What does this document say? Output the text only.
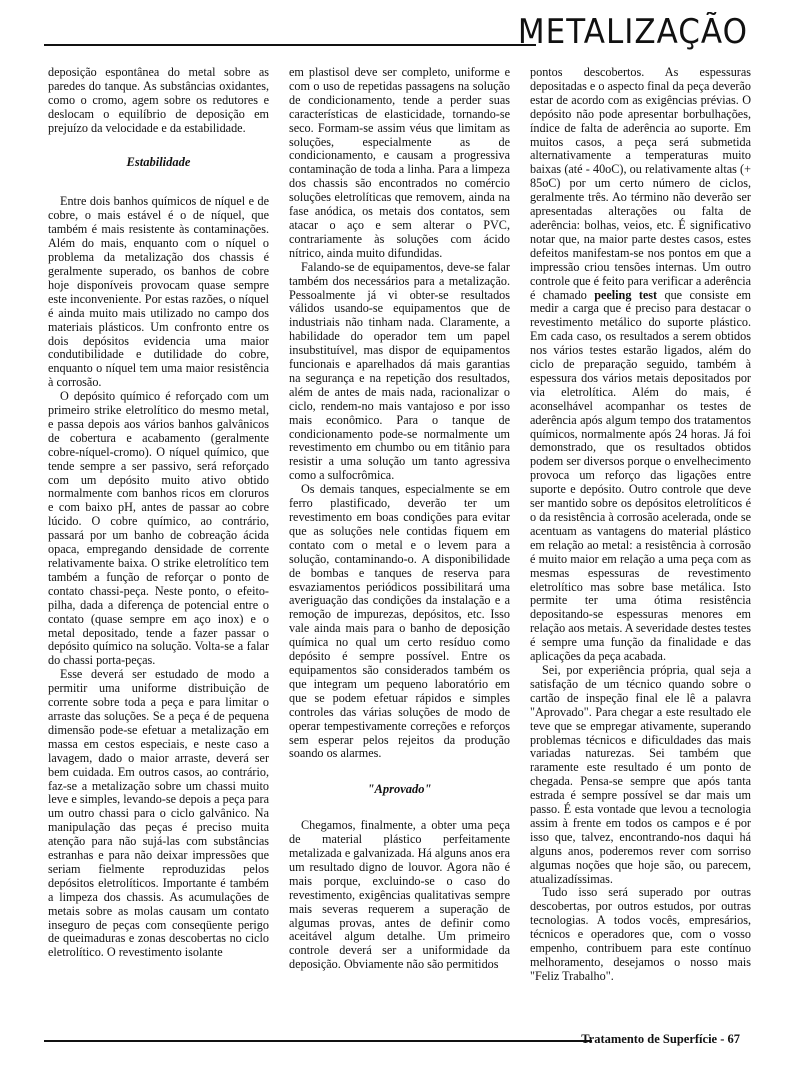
METALIZAÇÃO

deposição espontânea do metal sobre as paredes do tanque. As substâncias oxidantes, como o cromo, agem sobre os redutores e deslocam o equilíbrio de deposição em prejuízo da velocidade e da estabilidade.

Estabilidade

Entre dois banhos químicos de níquel e de cobre, o mais estável é o de níquel, que também é mais resistente às contaminações. Além do mais, enquanto com o níquel o problema da metalização dos chassis é geralmente superado, os banhos de cobre hoje disponíveis provocam quase sempre este inconveniente. Por estas razões, o níquel é ainda muito mais utilizado no campo dos materiais plásticos. Um confronto entre os dois depósitos evidencia uma maior condutibilidade e dutilidade do cobre, enquanto o níquel tem uma maior resistência à corrosão.

O depósito químico é reforçado com um primeiro strike eletrolítico do mesmo metal, e passa depois aos vários banhos galvânicos de cobertura e acabamento (geralmente cobre-níquel-cromo). O níquel químico, que tende sempre a ser passivo, será reforçado com um depósito muito ativo obtido normalmente com banhos ricos em cloruros e com baixo pH, antes de passar ao cobre lúcido. O cobre químico, ao contrário, passará por um banho de cobreação ácida opaca, empregando densidade de corrente relativamente baixa. O strike eletrolítico tem também a função de reforçar o ponto de contato chassi-peça. Neste ponto, o efeito-pilha, dada a diferença de potencial entre o contato (quase sempre em aço inox) e o metal depositado, tende a fazer passar o depósito químico na solução. Volta-se a falar do chassi porta-peças.

Esse deverá ser estudado de modo a permitir uma uniforme distribuição de corrente sobre toda a peça e para limitar o arraste das soluções. Se a peça é de pequena dimensão pode-se efetuar a metalização em massa em cestos especiais, e neste caso a lavagem, dado o maior arraste, deverá ser bem cuidada. Em outros casos, ao contrário, faz-se a metalização sobre um chassi muito leve e simples, levando-se depois a peça para um outro chassi para o ciclo galvânico. Na manipulação das peças é preciso muita atenção para não sujá-las com substâncias estranhas e para não deixar impressões que seriam fielmente reproduzidas pelos depósitos eletrolíticos. Importante é também a limpeza dos chassis. As acumulações de metais sobre as molas causam um contato inseguro de peças com conseqüente perigo de queimaduras e zonas descobertas no ciclo eletrolítico. O revestimento isolante

em plastisol deve ser completo, uniforme e com o uso de repetidas passagens na solução de condicionamento, tende a perder suas características de elasticidade, tornando-se seco. Formam-se assim véus que limitam as soluções, especialmente as de condicionamento, e causam a progressiva contaminação de toda a linha. Para a limpeza dos chassis são encontrados no comércio soluções eletrolíticas que removem, ainda na fase anódica, os metais dos contatos, sem atacar o aço e sem alterar o PVC, contrariamente às soluções com ácido nítrico, ainda muito difundidas.

Falando-se de equipamentos, deve-se falar também dos necessários para a metalização. Pessoalmente já vi obter-se resultados válidos usando-se equipamentos que de industriais não tinham nada. Claramente, a habilidade do operador tem um papel insubstituível, mas dispor de equipamentos funcionais e aparelhados dá mais garantias na segurança e na repetição dos resultados, além de antes de mais nada, racionalizar o ciclo, rendem-no mais vantajoso e por isso mais econômico. Para o tanque de condicionamento pode-se normalmente um revestimento em chumbo ou em titânio para resistir a uma solução um tanto agressiva como a sulfocrômica.

Os demais tanques, especialmente se em ferro plastificado, deverão ter um revestimento em boas condições para evitar que as soluções nele contidas fiquem em contato com o metal e o levem para a solução, contaminando-o. A disponibilidade de bombas e tanques de reserva para esvaziamentos periódicos possibilitará uma averiguação das condições da instalação e a remoção de impurezas, depósitos, etc. Isso vale ainda mais para o banho de deposição química no qual um certo resíduo como depósito é sempre possível. Entre os equipamentos são considerados também os que integram um pequeno laboratório em que se podem efetuar rápidos e simples controles das várias soluções de modo de operar tempestivamente correções e reforços sem esperar pelos rejeitos da produção soando os alarmes.

"Aprovado"

Chegamos, finalmente, a obter uma peça de material plástico perfeitamente metalizada e galvanizada. Há alguns anos era um resultado digno de louvor. Agora não é mais porque, excluindo-se o caso do revestimento, exigências qualitativas sempre mais severas requerem a superação de algumas provas, antes de definir como aceitável algum detalhe. Um primeiro controle deverá ser a uniformidade da deposição. Obviamente não são permitidos

pontos descobertos. As espessuras depositadas e o aspecto final da peça deverão estar de acordo com as exigências prévias. O depósito não pode apresentar borbulhações, índice de falta de aderência ao suporte. Em muitos casos, a peça será submetida alternativamente a temperaturas muito baixas (até - 40oC), ou relativamente altas (+ 85oC) por um certo número de ciclos, geralmente três. Ao término não deverão ser apresentadas alterações ou falta de aderência: bolhas, veios, etc. É significativo notar que, na maior parte destes casos, estes defeitos manifestam-se nos pontos em que a impressão criou tensões internas. Um outro controle que é feito para verificar a aderência é chamado peeling test que consiste em medir a carga que é preciso para destacar o revestimento metálico do suporte plástico. Em cada caso, os resultados a serem obtidos nos vários testes estarão ligados, além do ciclo de preparação seguido, também à espessura dos vários metais depositados por via eletrolítica. Além do mais, é aconselhável acompanhar os testes de aderência após algum tempo dos tratamentos químicos, normalmente após 24 horas. Já foi demonstrado, que os resultados obtidos podem ser diversos porque o envelhecimento provoca um reforço das ligações entre suporte e depósito. Outro controle que deve ser mantido sobre os depósitos eletrolíticos é o da resistência à corrosão acelerada, onde se acentuam as vantagens do material plástico em relação ao metal: a resistência à corrosão é muito maior em relação a uma peça com as mesmas espessuras de revestimento eletrolítico mas sobre base metálica. Isto permite ter uma ótima resistência depositando-se espessuras menores em relação aos metais. A severidade destes testes é sempre uma função da finalidade e das aplicações da peça acabada.

Sei, por experiência própria, qual seja a satisfação de um técnico quando sobre o cartão de inspeção final ele lê a palavra "Aprovado". Para chegar a este resultado ele teve que se empregar ativamente, superando problemas técnicos e dificuldades das mais variadas naturezas. Sei também que raramente este resultado é um ponto de chegada. Pensa-se sempre que após tanta estrada é sempre possível se dar mais um passo. É esta vontade que levou a tecnologia assim à frente em todos os campos e é por isso que, talvez, encontrando-nos daqui há alguns anos, poderemos rever com sorriso algumas noções que hoje são, ou parecem, atualizadíssimas.

Tudo isso será superado por outras descobertas, por outros estudos, por outras tecnologias. A todos vocês, empresários, técnicos e operadores que, com o vosso empenho, contribuem para este contínuo melhoramento, desejamos o nosso mais "Feliz Trabalho".

Tratamento de Superfície - 67
